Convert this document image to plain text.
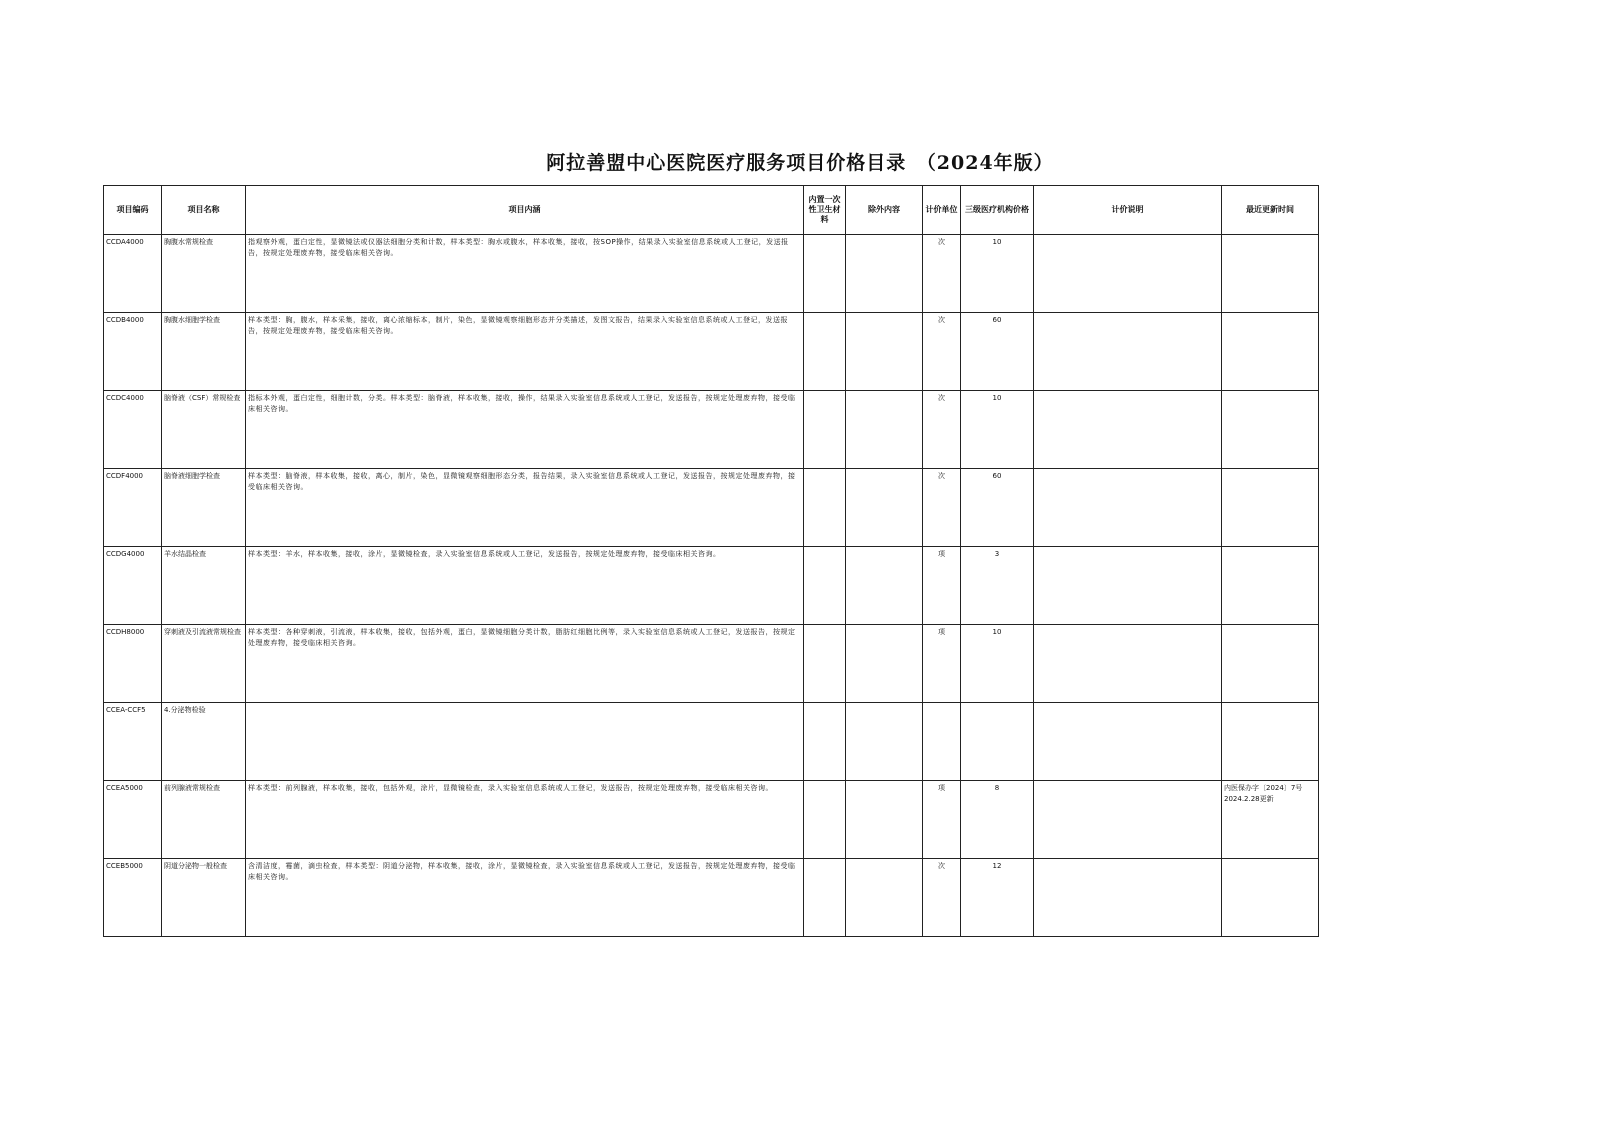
阿拉善盟中心医院医疗服务项目价格目录　（2024年版）
项目编码	项目名称	项目内涵	内置一次性卫生材料	除外内容	计价单位	三级医疗机构价格	计价说明	最近更新时间
CCDA4000	胸腹水常规检查	指观察外观，蛋白定性，显微镜法或仪器法细胞分类和计数，样本类型：胸水或腹水，样本收集，接收，按SOP操作，结果录入实验室信息系统或人工登记，发送报告，按规定处理废弃物，接受临床相关咨询。			次	10		
CCDB4000	胸腹水细胞学检查	样本类型：胸，腹水，样本采集，接收，离心浓缩标本，制片，染色，显微镜观察细胞形态并分类描述，发图文报告，结果录入实验室信息系统或人工登记，发送报告，按规定处理废弃物，接受临床相关咨询。			次	60		
CCDC4000	脑脊液（CSF）常规检查	指标本外观，蛋白定性，细胞计数，分类。样本类型：脑脊液，样本收集，接收，操作，结果录入实验室信息系统或人工登记，发送报告，按规定处理废弃物，接受临床相关咨询。			次	10		
CCDF4000	脑脊液细胞学检查	样本类型：脑脊液，样本收集，接收，离心，制片，染色，显微镜观察细胞形态分类，报告结果，录入实验室信息系统或人工登记，发送报告，按规定处理废弃物，接受临床相关咨询。			次	60		
CCDG4000	羊水结晶检查	样本类型：羊水，样本收集，接收，涂片，显微镜检查，录入实验室信息系统或人工登记，发送报告，按规定处理废弃物，接受临床相关咨询。			项	3		
CCDH8000	穿刺液及引流液常规检查	样本类型：各种穿刺液，引流液，样本收集，接收，包括外观，蛋白，显微镜细胞分类计数，脂肪红细胞比例等，录入实验室信息系统或人工登记，发送报告，按规定处理废弃物，接受临床相关咨询。			项	10		
CCEA-CCF5	4.分泌物检验							
CCEA5000	前列腺液常规检查	样本类型：前列腺液，样本收集，接收，包括外观，涂片，显微镜检查，录入实验室信息系统或人工登记，发送报告，按规定处理废弃物，接受临床相关咨询。			项	8		内医保办字〔2024〕7号 2024.2.28更新
CCEB5000	阴道分泌物一般检查	含清洁度，霉菌，滴虫检查，样本类型：阴道分泌物，样本收集，接收，涂片，显微镜检查，录入实验室信息系统或人工登记，发送报告，按规定处理废弃物，接受临床相关咨询。			次	12		
